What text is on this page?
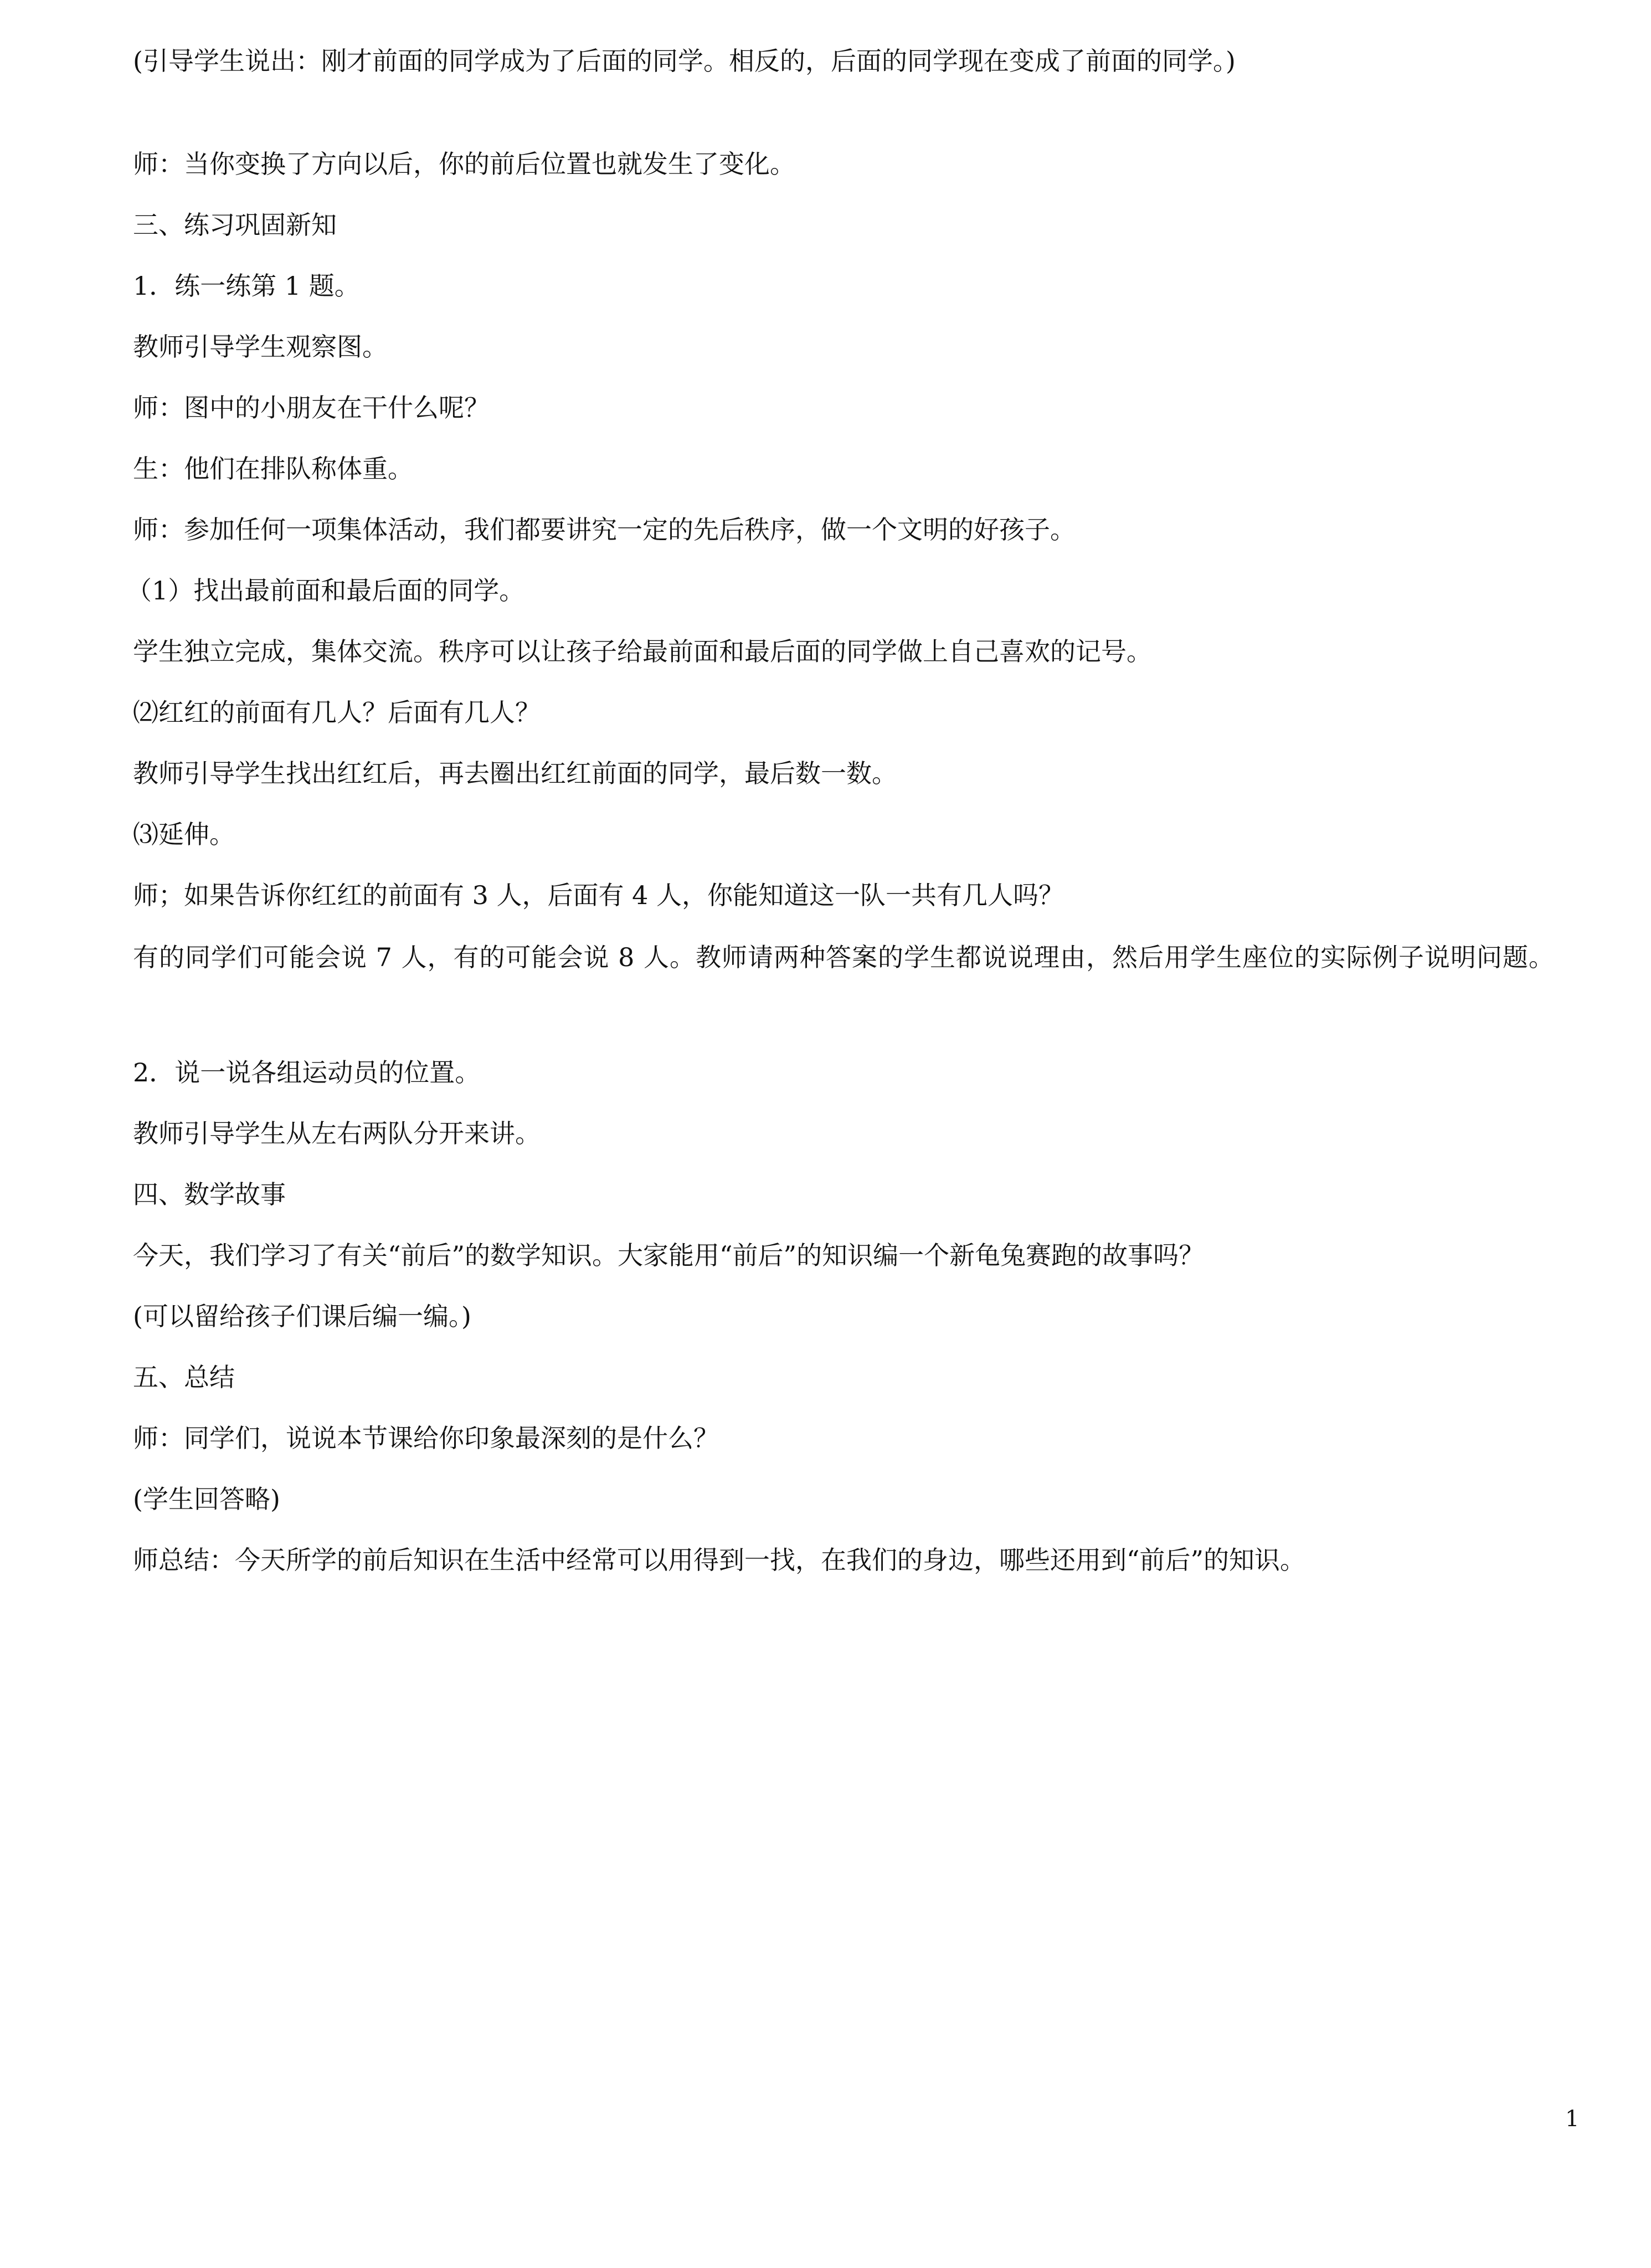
(引导学生说出：刚才前面的同学成为了后面的同学。相反的，后面的同学现在变成了前面的同学。)
师：当你变换了方向以后，你的前后位置也就发生了变化。
三、练习巩固新知
1．练一练第 1 题。
教师引导学生观察图。
师：图中的小朋友在干什么呢？
生：他们在排队称体重。
师：参加任何一项集体活动，我们都要讲究一定的先后秩序，做一个文明的好孩子。
（1）找出最前面和最后面的同学。
学生独立完成，集体交流。秩序可以让孩子给最前面和最后面的同学做上自己喜欢的记号。
⑵红红的前面有几人？后面有几人？
教师引导学生找出红红后，再去圈出红红前面的同学，最后数一数。
⑶延伸。
师；如果告诉你红红的前面有 3 人，后面有 4 人，你能知道这一队一共有几人吗？
有的同学们可能会说 7 人，有的可能会说 8 人。教师请两种答案的学生都说说理由，然后用学生座位的实际例子说明问题。
2．说一说各组运动员的位置。
教师引导学生从左右两队分开来讲。
四、数学故事
今天，我们学习了有关“前后”的数学知识。大家能用“前后”的知识编一个新龟兔赛跑的故事吗？
(可以留给孩子们课后编一编。)
五、总结
师：同学们，说说本节课给你印象最深刻的是什么？
(学生回答略)
师总结：今天所学的前后知识在生活中经常可以用得到一找，在我们的身边，哪些还用到“前后”的知识。
1
